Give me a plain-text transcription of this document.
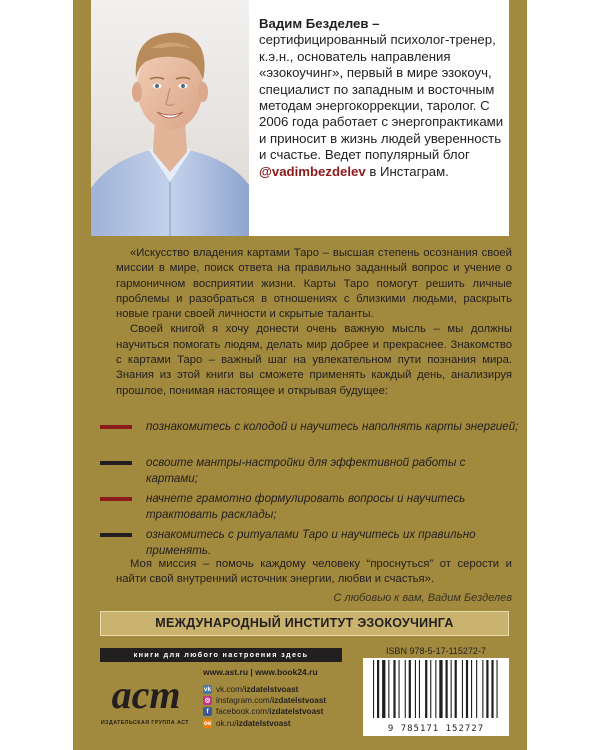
Вадим Безделев – сертифицированный психолог-тренер, к.э.н., основатель направления «эзокоучинг», первый в мире эзокоуч, специалист по западным и восточным методам энергокоррекции, таролог. С 2006 года работает с энергопрактиками и приносит в жизнь людей уверенность и счастье. Ведет популярный блог @vadimbezdelev в Инстаграм.

«Искусство владения картами Таро – высшая степень осознания своей миссии в мире, поиск ответа на правильно заданный вопрос и учение о гармоничном восприятии жизни. Карты Таро помогут решить личные проблемы и разобраться в отношениях с близкими людьми, раскрыть новые грани своей личности и скрытые таланты.

Своей книгой я хочу донести очень важную мысль – мы должны научиться помогать людям, делать мир добрее и прекраснее. Знакомство с картами Таро – важный шаг на увлекательном пути познания мира. Знания из этой книги вы сможете применять каждый день, анализируя прошлое, понимая настоящее и открывая будущее:

познакомитесь с колодой и научитесь наполнять карты энергией;
освоите мантры-настройки для эффективной работы с картами;
начнете грамотно формулировать вопросы и научитесь трактовать расклады;
ознакомитесь с ритуалами Таро и научитесь их правильно применять.

Моя миссия – помочь каждому человеку “проснуться” от серости и найти свой внутренний источник энергии, любви и счастья».

С любовью к вам, Вадим Безделев
МЕЖДУНАРОДНЫЙ ИНСТИТУТ ЭЗОКОУЧИНГА
книги для любого настроения здесь
аст
ИЗДАТЕЛЬСКАЯ ГРУППА АСТ
www.ast.ru | www.book24.ru
vk vk.com/izdatelstvoast
◎ instagram.com/izdatelstvoast
f facebook.com/izdatelstvoast
ок ok.ru/izdatelstvoast
ISBN 978-5-17-115272-7
9 785171 152727
